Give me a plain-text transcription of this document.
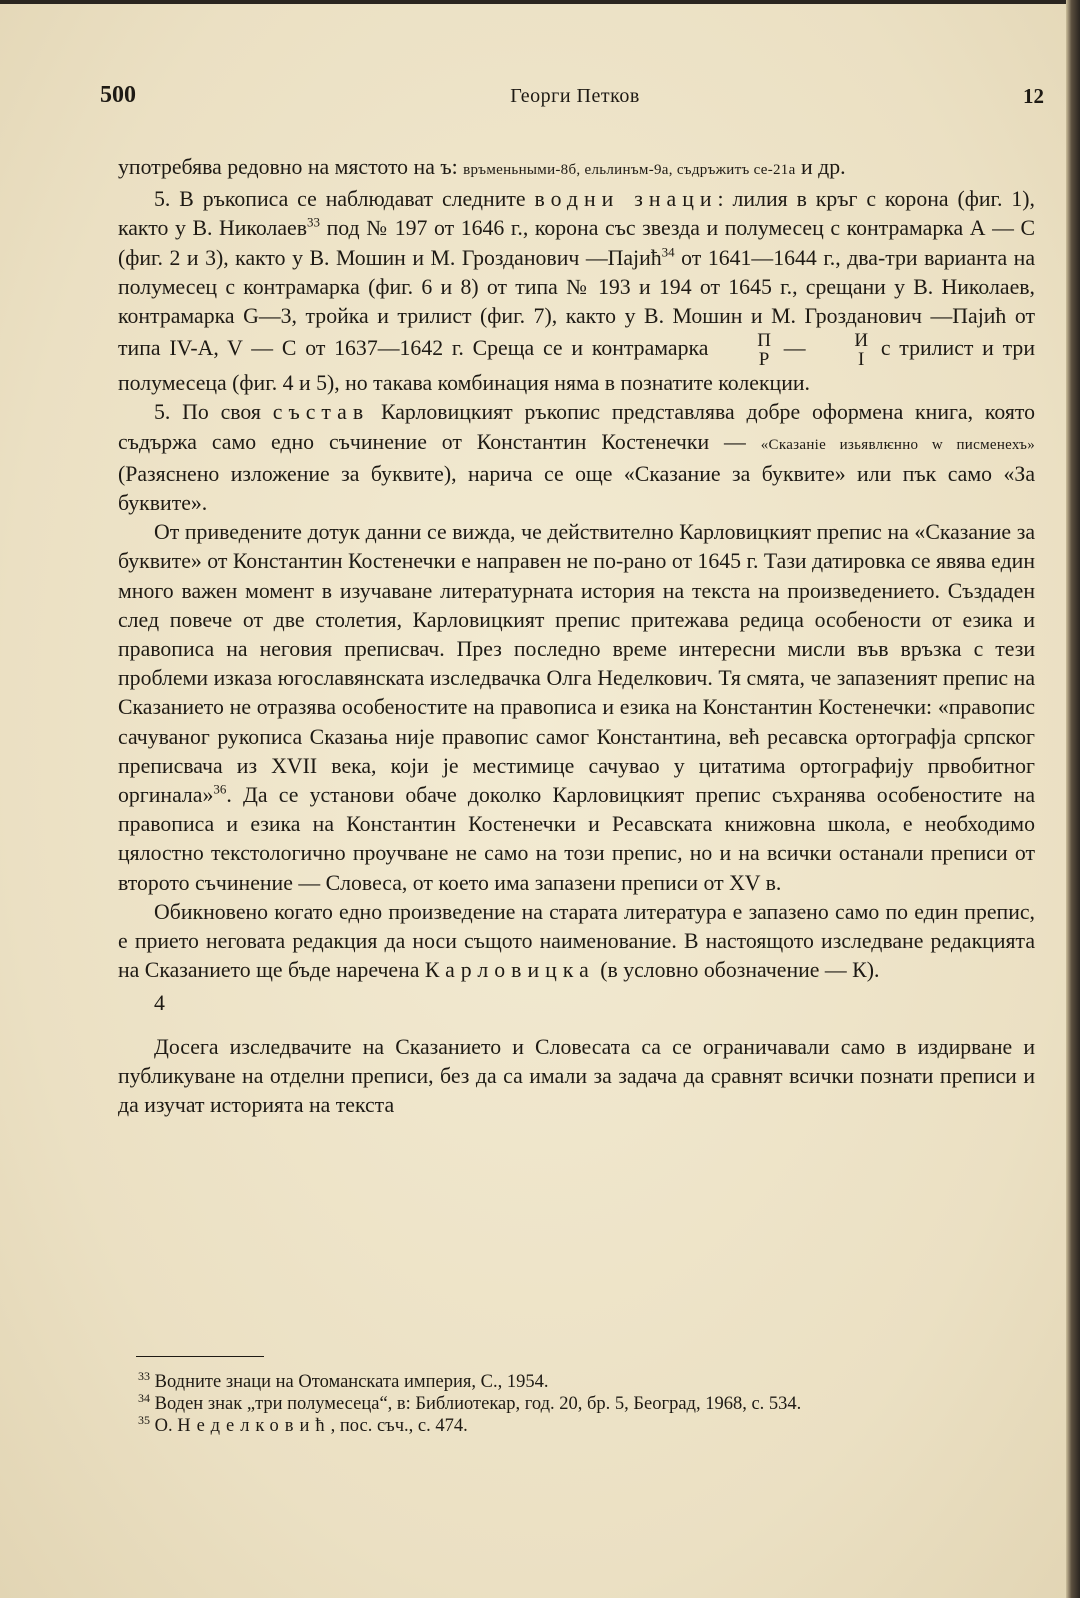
500	Георги Петков	12

употребява редовно на мястото на ъ: връменьными-8б, ельлинъм-9а, съдръжитъ се-21а и др.

5. В ръкописа се наблюдават следните водни знаци: лилия в кръг с корона (фиг. 1), както у В. Николаев$^{33}$ под № 197 от 1646 г., корона със звезда и полумесец с контрамарка А — С (фиг. 2 и 3), както у В. Мошин и М. Грозданович —Пајић$^{34}$ от 1641—1644 г., два-три варианта на полумесец с контрамарка (фиг. 6 и 8) от типа № 193 и 194 от 1645 г., срещани у В. Николаев, контрамарка G—3, тройка и трилист (фиг. 7), както у В. Мошин и М. Грозданович —Пајић от типа IV-A, V — C от 1637—1642 г. Среща се и контрамарка	П
Р —	И
І с трилист и три полумесеца (фиг. 4 и 5), но такава комбинация няма в познатите колекции.

5. По своя състав Карловицкият ръкопис представлява добре оформена книга, която съдържа само едно съчинение от Константин Костенечки — «Сказаніе изьявлѥнно w писменехъ» (Разяснено изложение за буквите), нарича се още «Сказание за буквите» или пък само «За буквите».

От приведените дотук данни се вижда, че действително Карловицкият препис на «Сказание за буквите» от Константин Костенечки е направен не по-рано от 1645 г. Тази датировка се явява един много важен момент в изучаване литературната история на текста на произведението. Създаден след повече от две столетия, Карловицкият препис притежава редица особености от езика и правописа на неговия преписвач. През последно време интересни мисли във връзка с тези проблеми изказа югославянската изследвачка Олга Неделкович. Тя смята, че запазеният препис на Сказанието не отразява особеностите на правописа и езика на Константин Костенечки: «правопис сачуваног рукописа Сказања није правопис самог Константина, већ ресавска ортографја српског преписвача из XVII века, који је местимице сачувао у цитатима ортографију првобитног оргинала»$^{36}$. Да се установи обаче доколко Карловицкият препис съхранява особеностите на правописа и езика на Константин Костенечки и Ресавската книжовна школа, е необходимо цялостно текстологично проучване не само на този препис, но и на всички останали преписи от второто съчинение — Словеса, от което има запазени преписи от XV в.

Обикновено когато едно произведение на старата литература е запазено само по един препис, е прието неговата редакция да носи същото наименование. В настоящото изследване редакцията на Сказанието ще бъде наречена Карловицка (в условно обозначение — К).

4

Досега изследвачите на Сказанието и Словесата са се ограничавали само в издирване и публикуване на отделни преписи, без да са имали за задача да сравнят всички познати преписи и да изучат историята на текста

$^{33}$ Водните знаци на Отоманската империя, С., 1954.

$^{34}$ Воден знак „три полумесеца“, в: Библиотекар, год. 20, бр. 5, Београд, 1968, с. 534.

$^{35}$ О. Неделковић, пос. съч., с. 474.
